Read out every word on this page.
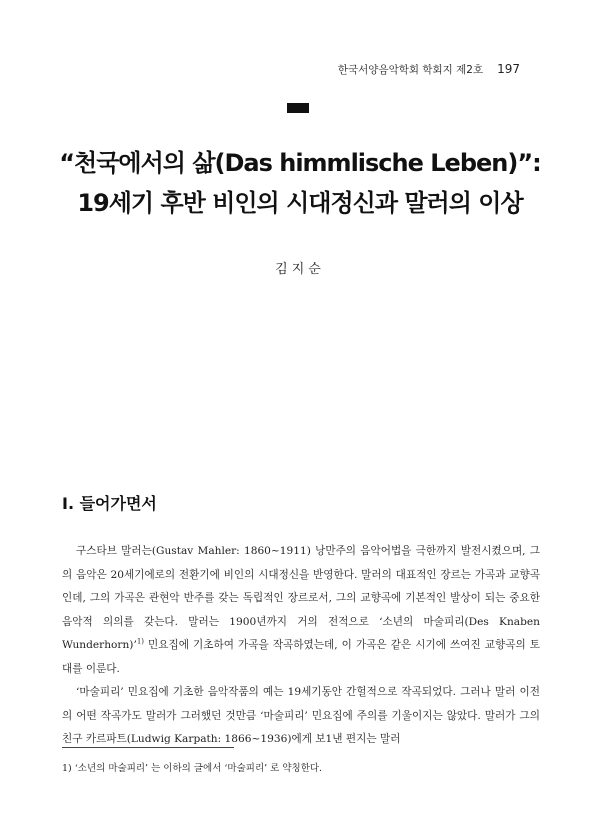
한국서양음악학회 학회지 제2호 197
“천국에서의 삶(Das himmlische Leben)”:
19세기 후반 비인의 시대정신과 말러의 이상
김지순
I. 들어가면서

구스타브 말러는(Gustav Mahler: 1860~1911) 낭만주의 음악어법을 극한까지 발전시켰으며, 그의 음악은 20세기에로의 전환기에 비인의 시대정신을 반영한다. 말러의 대표적인 장르는 가곡과 교향곡인데, 그의 가곡은 관현악 반주를 갖는 독립적인 장르로서, 그의 교향곡에 기본적인 발상이 되는 중요한 음악적 의의를 갖는다. 말러는 1900년까지 거의 전적으로 ‘소년의 마술피리(Des Knaben Wunderhorn)’$^{1)}$ 민요집에 기초하여 가곡을 작곡하였는데, 이 가곡은 같은 시기에 쓰여진 교향곡의 토대를 이룬다.

‘마술피리’ 민요집에 기초한 음악작품의 예는 19세기동안 간헐적으로 작곡되었다. 그러나 말러 이전의 어떤 작곡가도 말러가 그러했던 것만큼 ‘마술피리’ 민요집에 주의를 기울이지는 않았다. 말러가 그의 친구 카르파트(Ludwig Karpath: 1866~1936)에게 보1낸 편지는 말러

1) ‘소년의 마술피리’ 는 이하의 글에서 ‘마술피리’ 로 약칭한다.
